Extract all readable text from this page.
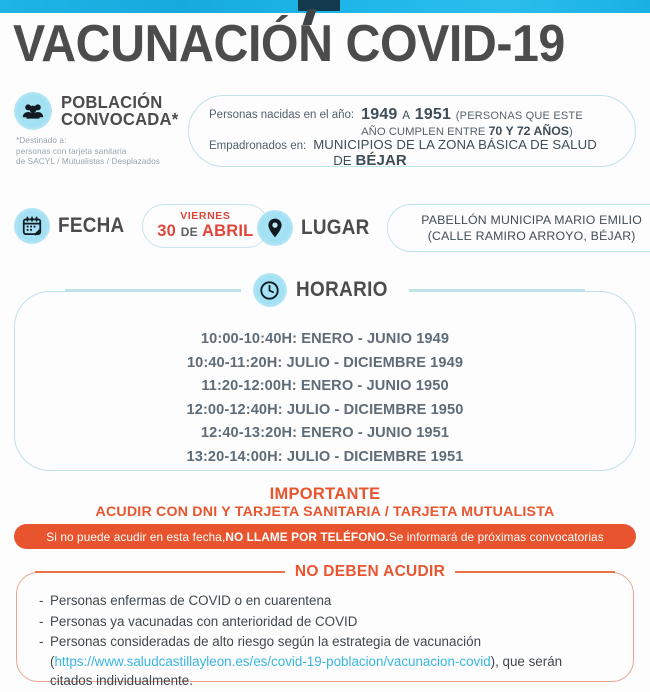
VACUNACIÓN COVID-19
POBLACIÓN
CONVOCADA*
*Destinado a:
personas con tarjeta sanitaria
de SACYL / Mutualistas / Desplazados
Personas nacidas en el año: 1949 A 1951 (PERSONAS QUE ESTE
AÑO CUMPLEN ENTRE 70 Y 72 AÑOS)
Empadronados en: MUNICIPIOS DE LA ZONA BÁSICA DE SALUD
DE BÉJAR
FECHA	VIERNES
30 DE ABRIL LUGAR	PABELLÓN MUNICIPA MARIO EMILIO
(CALLE RAMIRO ARROYO, BÉJAR)
HORARIO
10:00-10:40H: ENERO - JUNIO 1949
10:40-11:20H: JULIO - DICIEMBRE 1949
11:20-12:00H: ENERO - JUNIO 1950
12:00-12:40H: JULIO - DICIEMBRE 1950
12:40-13:20H: ENERO - JUNIO 1951
13:20-14:00H: JULIO - DICIEMBRE 1951
IMPORTANTE
ACUDIR CON DNI Y TARJETA SANITARIA / TARJETA MUTUALISTA
Si no puede acudir en esta fecha, NO LLAME POR TELÉFONO. Se informará de próximas convocatorias
NO DEBEN ACUDIR
- Personas enfermas de COVID o en cuarentena
- Personas ya vacunadas con anterioridad de COVID
- Personas consideradas de alto riesgo según la estrategia de vacunación
(https://www.saludcastillayleon.es/es/covid-19-poblacion/vacunacion-covid), que serán
citados individualmente.
